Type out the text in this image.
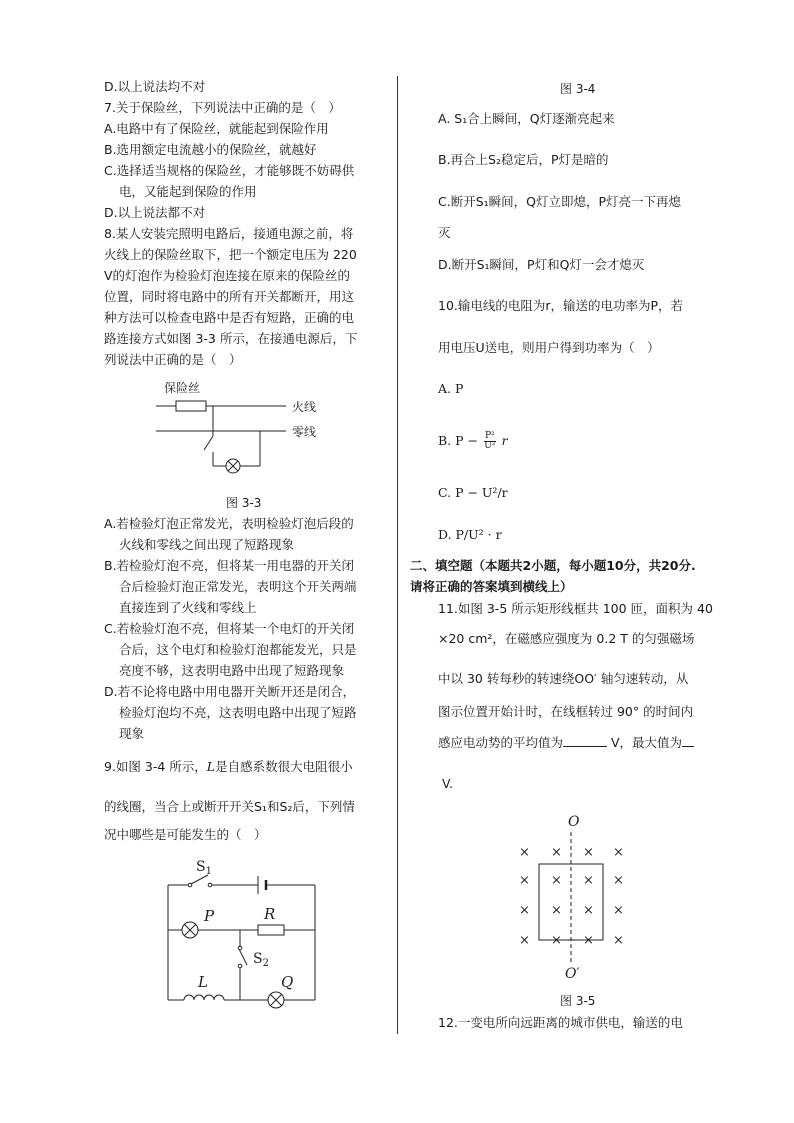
D.以上说法均不对
7.关于保险丝，下列说法中正确的是（　）
A.电路中有了保险丝，就能起到保险作用
B.选用额定电流越小的保险丝，就越好
C.选择适当规格的保险丝，才能够既不妨碍供
电，又能起到保险的作用
D.以上说法都不对
8.某人安装完照明电路后，接通电源之前，将
火线上的保险丝取下，把一个额定电压为 220
V的灯泡作为检验灯泡连接在原来的保险丝的
位置，同时将电路中的所有开关都断开，用这
种方法可以检查电路中是否有短路，正确的电
路连接方式如图 3-3 所示，在接通电源后，下
列说法中正确的是（　）
保险丝
火线
零线
图 3-3
A.若检验灯泡正常发光，表明检验灯泡后段的
火线和零线之间出现了短路现象
B.若检验灯泡不亮，但将某一用电器的开关闭
合后检验灯泡正常发光，表明这个开关两端
直接连到了火线和零线上
C.若检验灯泡不亮，但将某一个电灯的开关闭
合后，这个电灯和检验灯泡都能发光，只是
亮度不够，这表明电路中出现了短路现象
D.若不论将电路中用电器开关断开还是闭合，
检验灯泡均不亮，这表明电路中出现了短路
现象
9.如图 3-4 所示，L是自感系数很大电阻很小
的线圈，当合上或断开开关S₁和S₂后，下列情
况中哪些是可能发生的（　）
$S_1$
P	R
$S_2$
L	Q
图 3-4
A. S₁合上瞬间，Q灯逐渐亮起来
B.再合上S₂稳定后，P灯是暗的
C.断开S₁瞬间，Q灯立即熄，P灯亮一下再熄
灭
D.断开S₁瞬间，P灯和Q灯一会才熄灭
10.输电线的电阻为r，输送的电功率为P，若
用电压U送电，则用户得到功率为（　）
A. P
B. $P - \frac{\text{P²}}{\text{U²}}$ r
C. P − U²/r
D. P/U² · r
二、填空题（本题共2小题，每小题10分，共20分.
请将正确的答案填到横线上）
11.如图 3-5 所示矩形线框共 100 匝，面积为 40
×20 cm²，在磁感应强度为 0.2 T 的匀强磁场
中以 30 转每秒的转速绕OO′ 轴匀速转动，从
图示位置开始计时，在线框转过 90° 的时间内
感应电动势的平均值为	V，最大值为
V.
O
× × × ×
× × × ×
× × × ×
× × × ×
O′
图 3-5
12.一变电所向远距离的城市供电，输送的电
